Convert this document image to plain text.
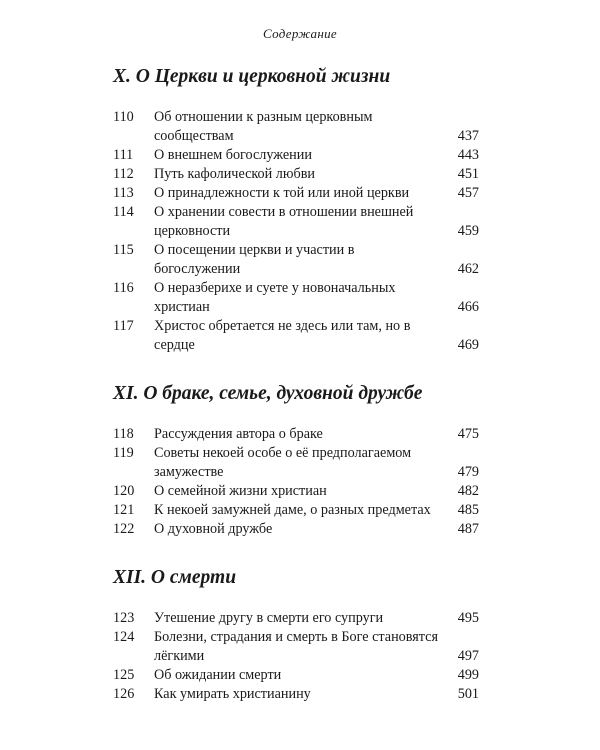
Содержание
X. О Церкви и церковной жизни
110	Об отношении к разным церковным сообществам	437
111	О внешнем богослужении	443
112	Путь кафолической любви	451
113	О принадлежности к той или иной церкви	457
114	О хранении совести в отношении внешней церковности	459
115	О посещении церкви и участии в богослужении	462
116	О неразберихе и суете у новоначальных христиан	466
117	Христос обретается не здесь или там, но в сердце	469
XI. О браке, семье, духовной дружбе
118	Рассуждения автора о браке	475
119	Советы некоей особе о её предполагаемом замужестве	479
120	О семейной жизни христиан	482
121	К некоей замужней даме, о разных предметах	485
122	О духовной дружбе	487
XII. О смерти
123	Утешение другу в смерти его супруги	495
124	Болезни, страдания и смерть в Боге становятся лёгкими	497
125	Об ожидании смерти	499
126	Как умирать христианину	501
